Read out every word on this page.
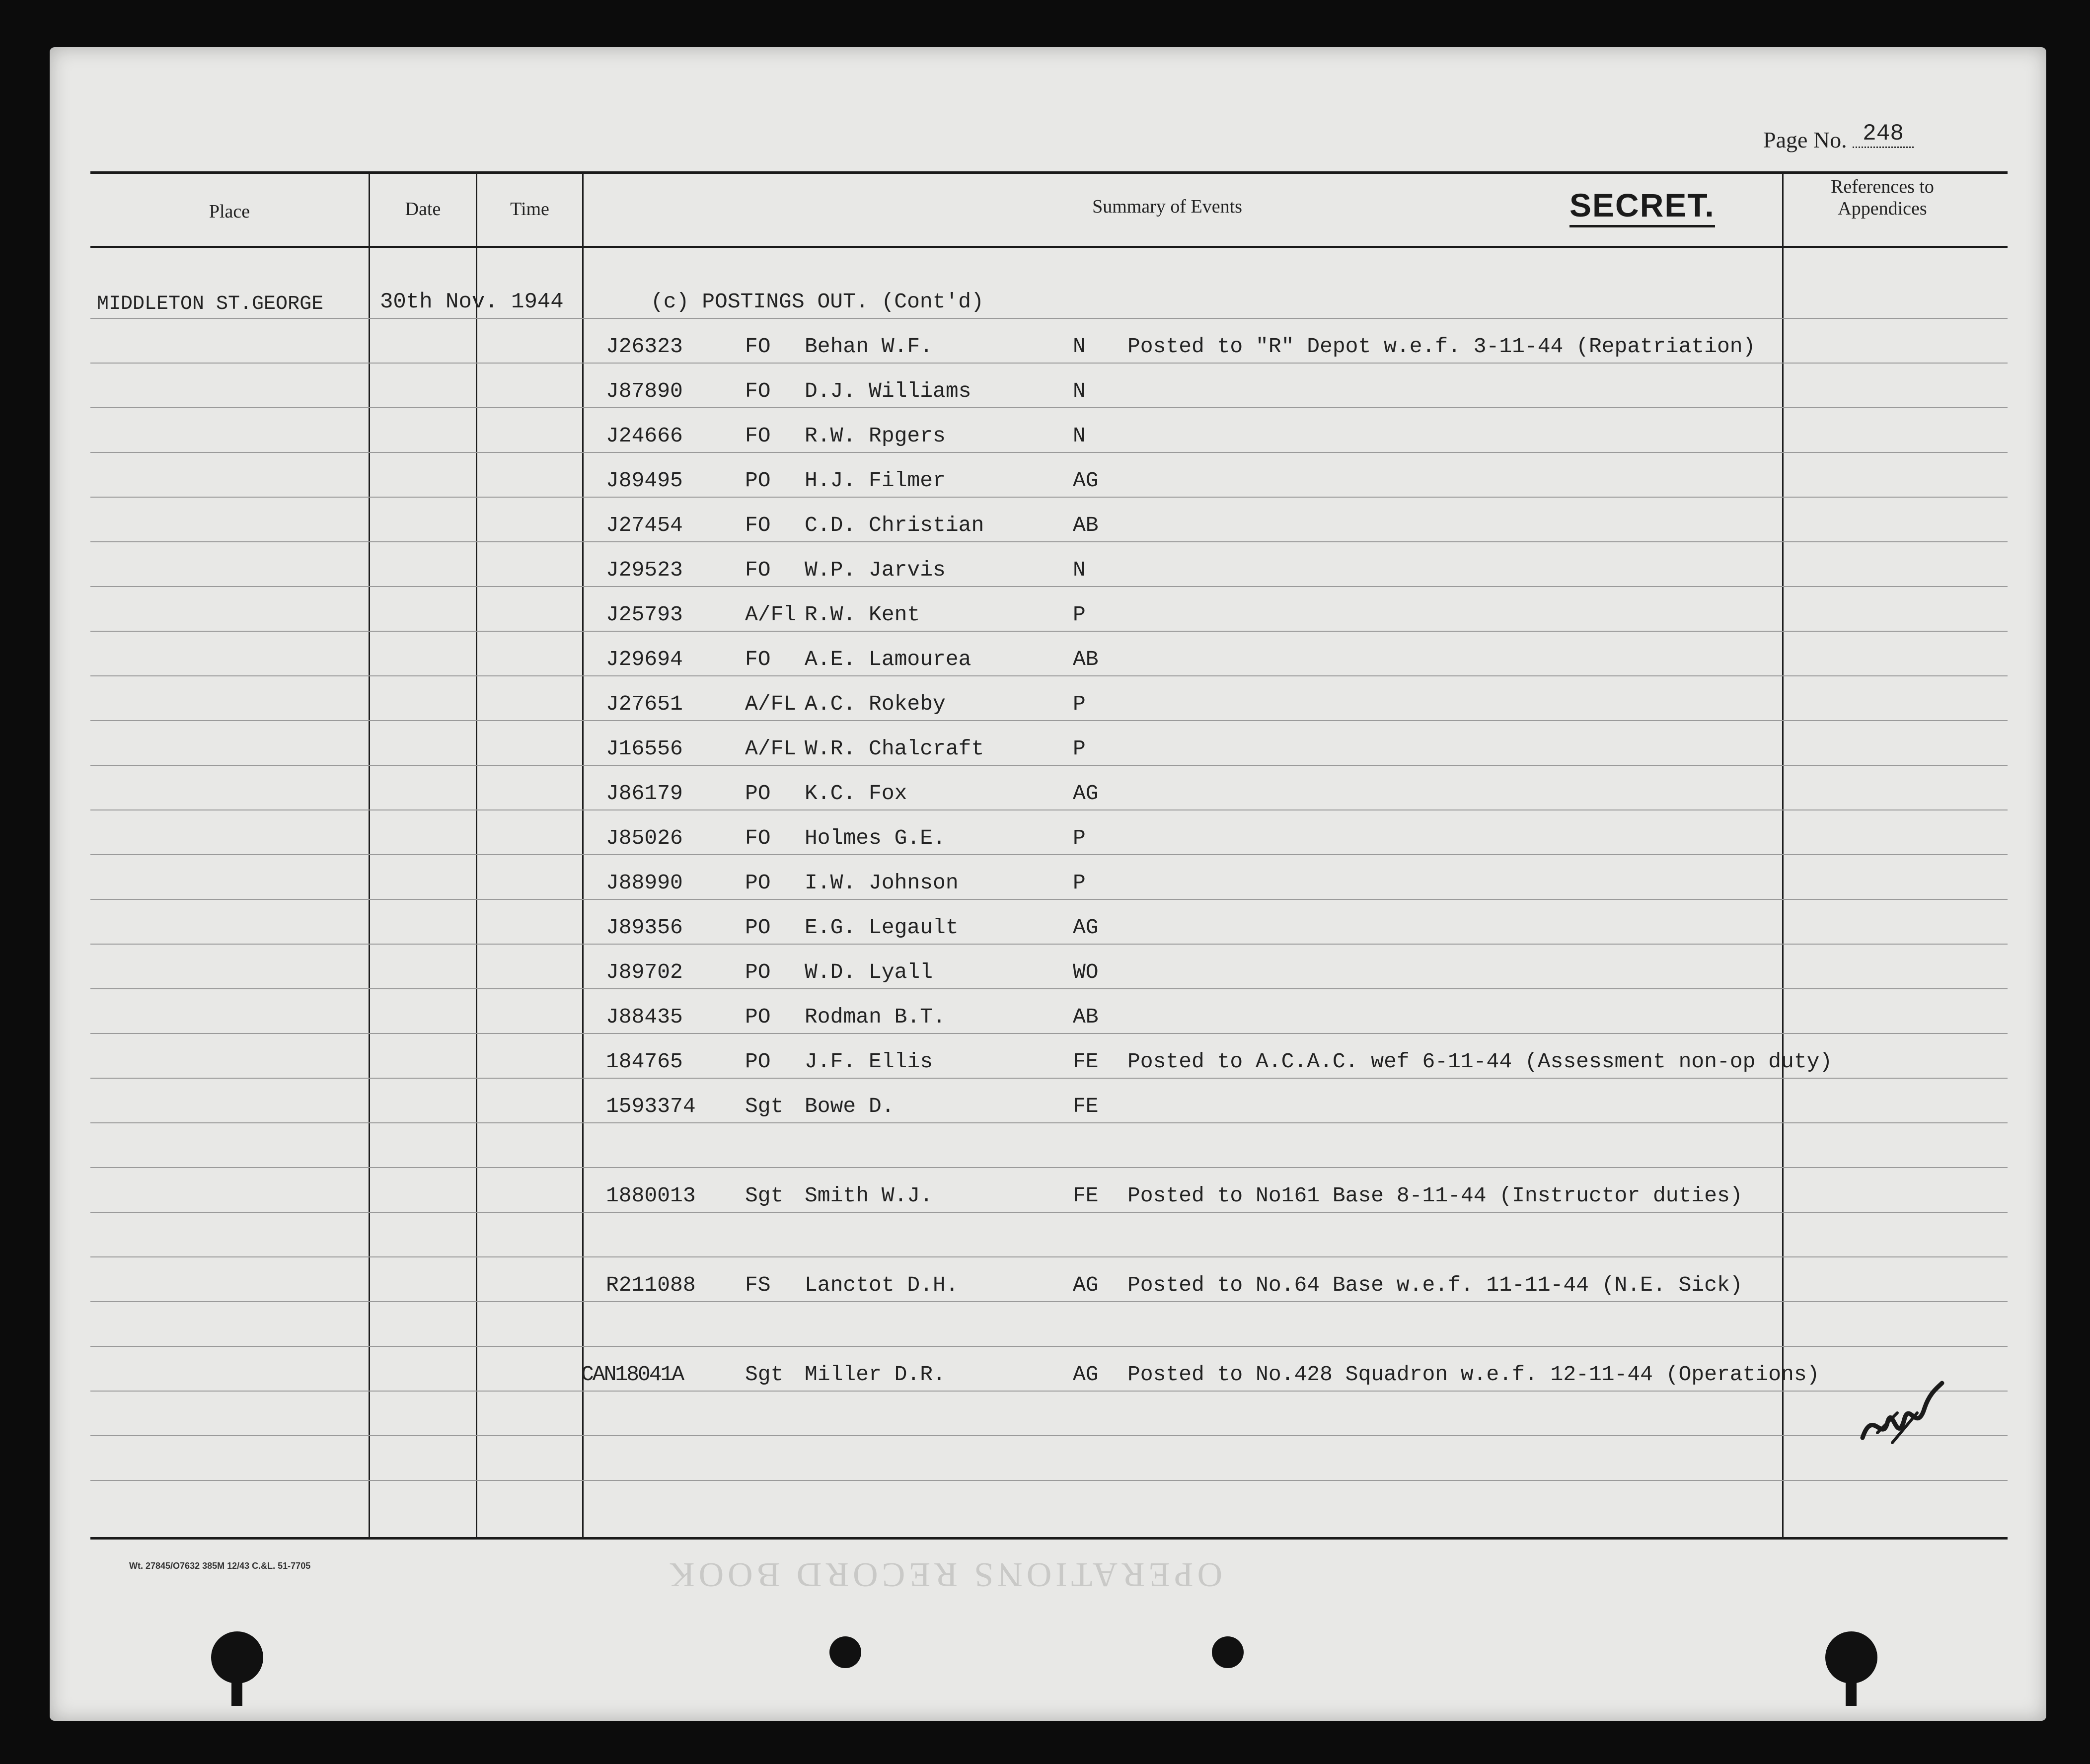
Page No. 248
Place	Date	Time	Summary of Events	SECRET.	References to Appendices
MIDDLETON ST.GEORGE	30th Nov. 1944	(c) POSTINGS OUT. (Cont'd)
J26323	FO Behan W.F.	N Posted to "R" Depot w.e.f. 3-11-44 (Repatriation)
J87890	FO D.J. Williams	N
J24666	FO R.W. Rpgers	N
J89495	PO H.J. Filmer	AG
J27454	FO C.D. Christian	AB
J29523	FO W.P. Jarvis	N
J25793	A/Fl R.W. Kent	P
J29694	FO A.E. Lamourea	AB
J27651	A/FL A.C. Rokeby	P
J16556	A/FL W.R. Chalcraft	P
J86179	PO K.C. Fox	AG
J85026	FO Holmes G.E.	P
J88990	PO I.W. Johnson	P
J89356	PO E.G. Legault	AG
J89702	PO W.D. Lyall	WO
J88435	PO Rodman B.T.	AB
184765	PO J.F. Ellis	FE Posted to A.C.A.C. wef 6-11-44 (Assessment non-op duty)
1593374 Sgt Bowe D.	FE
1880013 Sgt Smith W.J.	FE Posted to No161 Base 8-11-44 (Instructor duties)
R211088 FS Lanctot D.H.	AG Posted to No.64 Base w.e.f. 11-11-44 (N.E. Sick)
CAN18041A	Sgt Miller D.R.	AG Posted to No.428 Squadron w.e.f. 12-11-44 (Operations)
Wt. 27845/O7632 385M 12/43 C.&L. 51-7705	OPERATIONS RECORD BOOK
